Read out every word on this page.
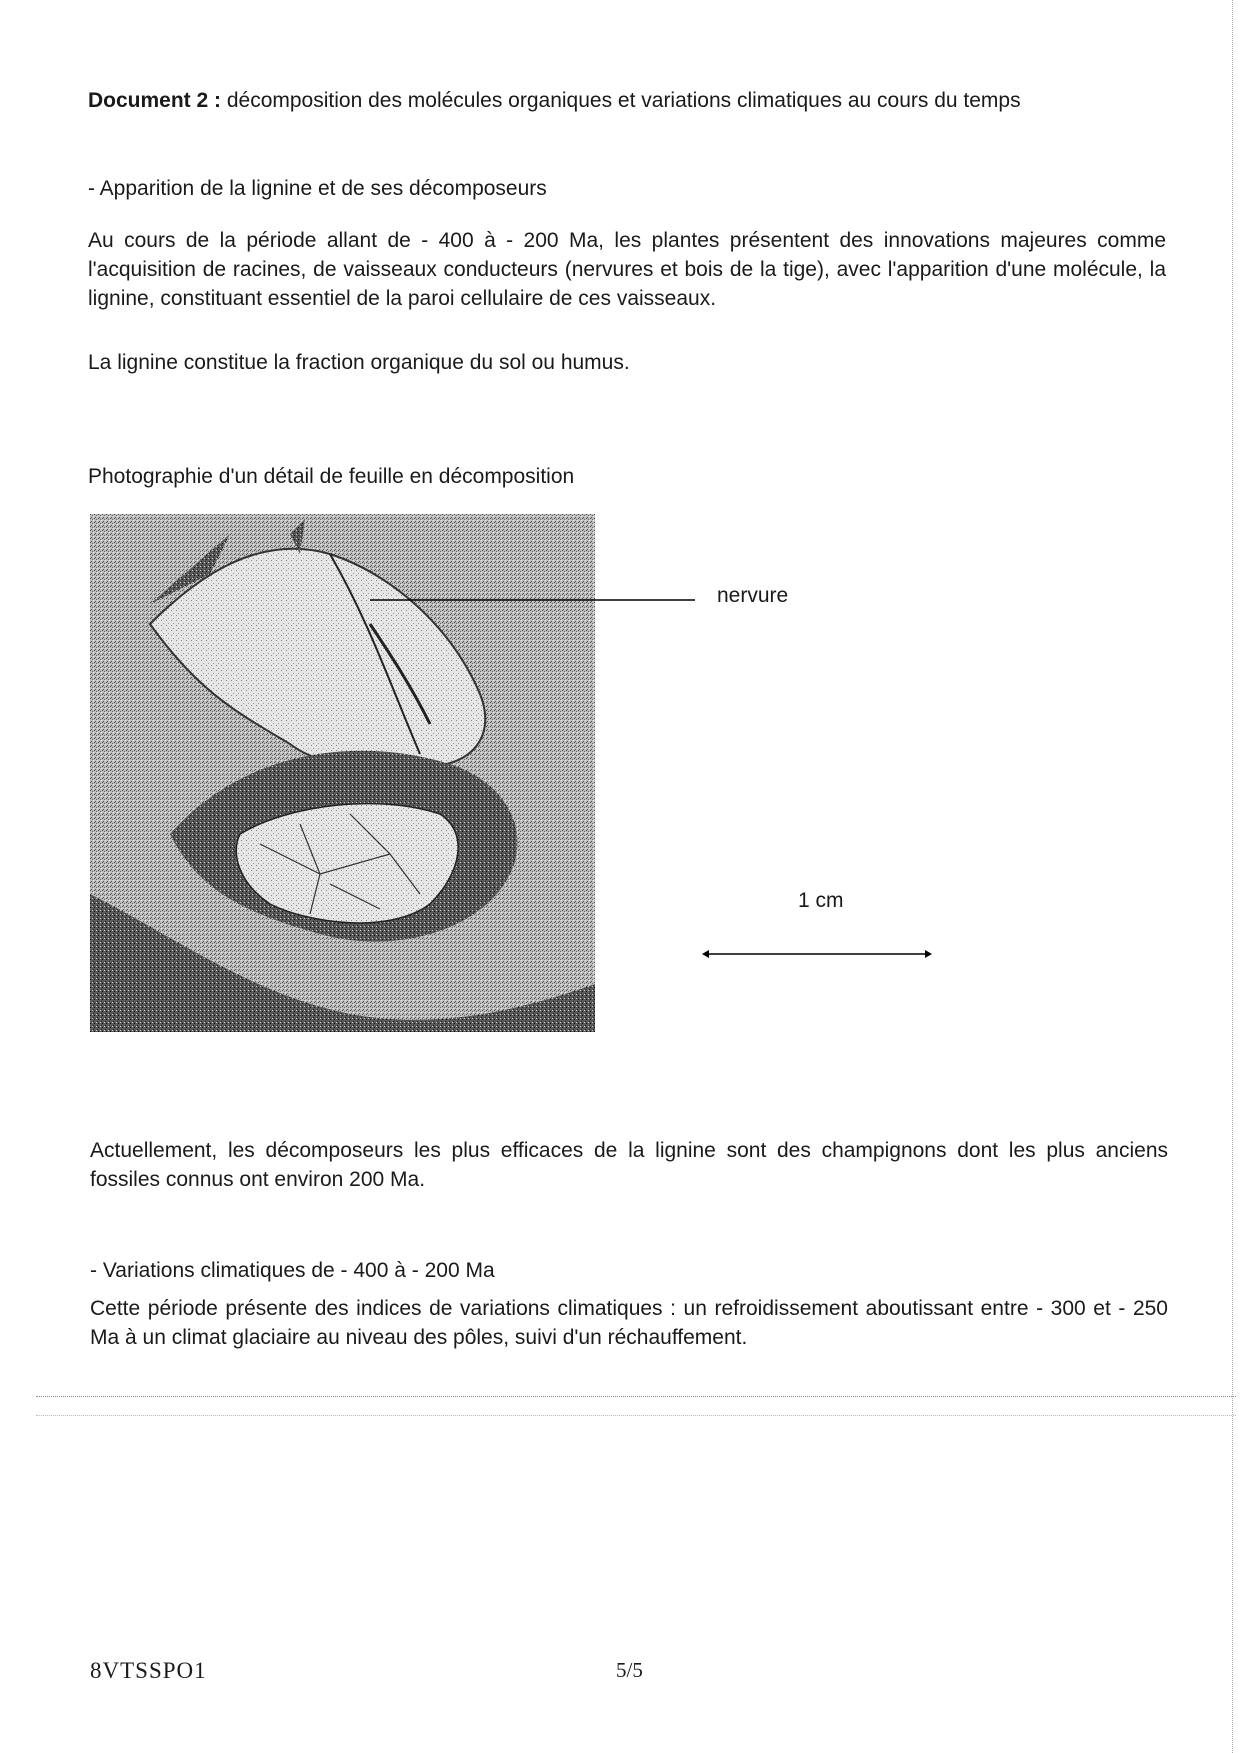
Document 2 : décomposition des molécules organiques et variations climatiques au cours du temps
- Apparition de la lignine et de ses décomposeurs
Au cours de la période allant de - 400 à - 200 Ma, les plantes présentent des innovations majeures comme l'acquisition de racines, de vaisseaux conducteurs (nervures et bois de la tige), avec l'apparition d'une molécule, la lignine, constituant essentiel de la paroi cellulaire de ces vaisseaux.
La lignine constitue la fraction organique du sol ou humus.
Photographie d'un détail de feuille en décomposition
nervure
1 cm
Actuellement, les décomposeurs les plus efficaces de la lignine sont des champignons dont les plus anciens fossiles connus ont environ 200 Ma.
- Variations climatiques de - 400 à - 200 Ma
Cette période présente des indices de variations climatiques : un refroidissement aboutissant entre - 300 et - 250 Ma à un climat glaciaire au niveau des pôles, suivi d'un réchauffement.
8VTSSPO1	5/5
